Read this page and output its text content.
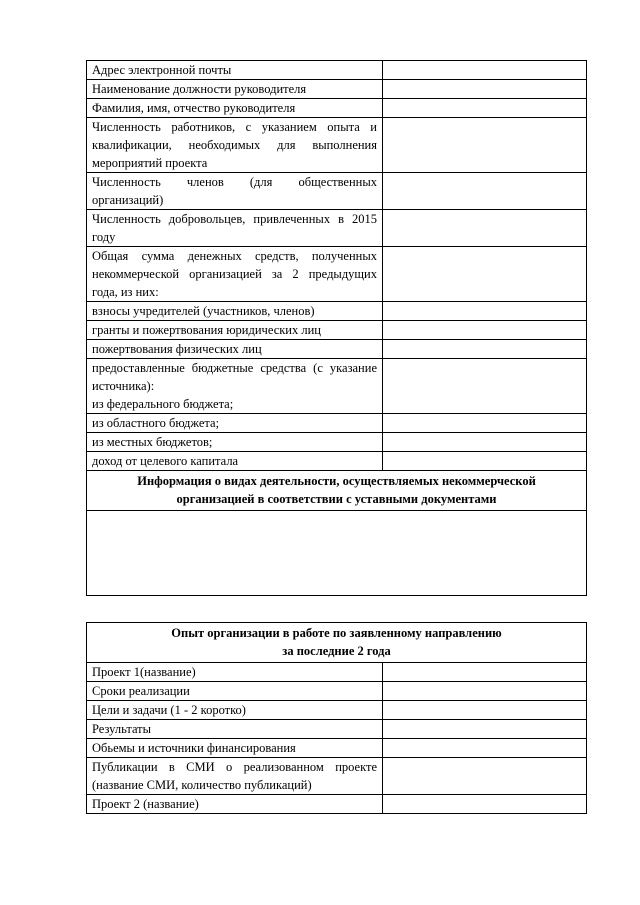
Адрес электронной почты	
Наименование должности руководителя	
Фамилия, имя, отчество руководителя	
Численность работников, с указанием опыта и квалификации, необходимых для выполнения мероприятий проекта	
Численность членов (для общественных организаций)	
Численность добровольцев, привлеченных в 2015 году	
Общая сумма денежных средств, полученных некоммерческой организацией за 2 предыдущих года, из них:	
взносы учредителей (участников, членов)	
гранты и пожертвования юридических лиц	
пожертвования физических лиц	
предоставленные бюджетные средства (с указание источника):
из федерального бюджета;	
из областного бюджета;	
из местных бюджетов;	
доход от целевого капитала	
Информация о видах деятельности, осуществляемых некоммерческой
организацией в соответствии с уставными документами	

Опыт организации в работе по заявленному направлению
за последние 2 года	
Проект 1(название)	
Сроки реализации	
Цели и задачи (1 - 2 коротко)	
Результаты	
Обьемы и источники финансирования	
Публикации в СМИ о реализованном проекте (название СМИ, количество публикаций)	
Проект 2 (название)	
